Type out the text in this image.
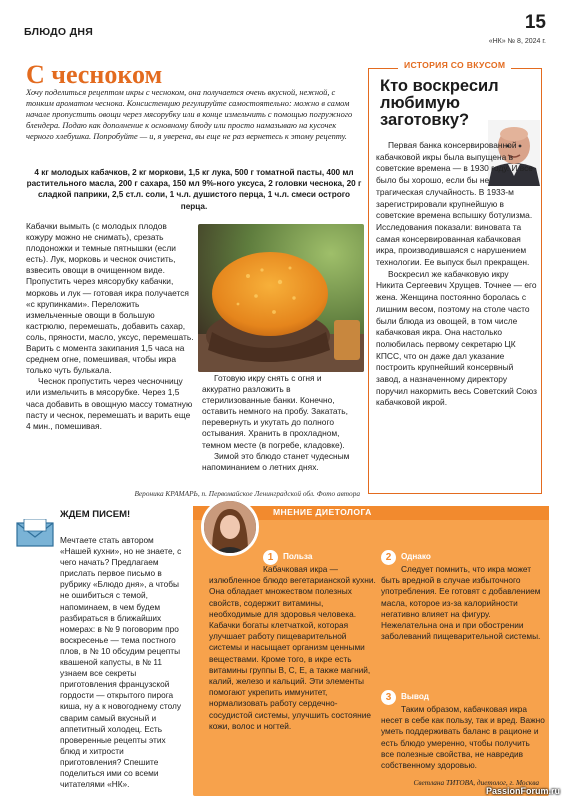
БЛЮДО ДНЯ	15
«НК» № 8, 2024 г.
С чесноком
Хочу поделиться рецептом икры с чесноком, она получается очень вкусной, нежной, с тонким ароматом чеснока. Консистенцию регулируйте самостоятельно: можно в самом начале пропустить овощи через мясорубку или в конце измельчить с помощью погружного блендера. Подаю как дополнение к основному блюду или просто намазываю на кусочек черного хлебушка. Попробуйте — и, я уверена, вы еще не раз вернетесь к этому рецепту.
4 кг молодых кабачков, 2 кг моркови, 1,5 кг лука, 500 г томатной пасты, 400 мл растительного масла, 200 г сахара, 150 мл 9%-ного уксуса, 2 головки чеснока, 20 г сладкой паприки, 2,5 ст.л. соли, 1 ч.л. душистого перца, 1 ч.л. смеси острого перца.

Кабачки вымыть (с молодых плодов кожуру можно не снимать), срезать плодоножки и темные пятнышки (если есть). Лук, морковь и чеснок очистить, взвесить овощи в очищенном виде. Пропустить через мясорубку кабачки, морковь и лук — готовая икра получается «с крупинками». Переложить измельченные овощи в большую кастрюлю, перемешать, добавить сахар, соль, пряности, масло, уксус, перемешать. Варить с момента закипания 1,5 часа на среднем огне, помешивая, чтобы икра только чуть булькала.

Чеснок пропустить через чесночницу или измельчить в мясорубке. Через 1,5 часа добавить в овощную массу томатную пасту и чеснок, перемешать и варить еще 4 мин., помешивая.

Готовую икру снять с огня и аккуратно разложить в стерилизованные банки. Конечно, оставить немного на пробу. Закатать, перевернуть и укутать до полного остывания. Хранить в прохладном, темном месте (в погребе, кладовке).

Зимой это блюдо станет чудесным напоминанием о летних днях.

Вероника КРАМАРЬ, п. Первомайское Ленинградской обл. Фото автора
ИСТОРИЯ СО ВКУСОМ
Кто воскресил любимую заготовку?

Первая банка консервированной кабачковой икры была выпущена в советские времена — в 1930 году. И все было бы хорошо, если бы не трагическая случайность. В 1933-м зарегистрировали крупнейшую в советские времена вспышку ботулизма. Исследования показали: виновата та самая консервированная кабачковая икра, производившаяся с нарушением технологии. Ее выпуск был прекращен.

Воскресил же кабачковую икру Никита Сергеевич Хрущев. Точнее — его жена. Женщина постоянно боролась с лишним весом, поэтому на столе часто были блюда из овощей, в том числе кабачковая икра. Она настолько полюбилась первому секретарю ЦК КПСС, что он даже дал указание построить крупнейший консервный завод, а назначенному директору поручил накормить весь Советский Союз кабачковой икрой.

ЖДЕМ ПИСЕМ!
Мечтаете стать автором «Нашей кухни», но не знаете, с чего начать? Предлагаем прислать первое письмо в рубрику «Блюдо дня», а чтобы не ошибиться с темой, напоминаем, в чем будем разбираться в ближайших номерах: в № 9 поговорим про воскресенье — тема постного плов, в № 10 обсудим рецепты квашеной капусты, в № 11 узнаем все секреты приготовления французской гордости — открытого пирога киша, ну а к новогоднему столу сварим самый вкусный и аппетитный холодец. Есть проверенные рецепты этих блюд и хитрости приготовления? Спешите поделиться ими со всеми читателями «НК».
МНЕНИЕ ДИЕТОЛОГА
1	Польза
Кабачковая икра — излюбленное блюдо вегетарианской кухни. Она обладает множеством полезных свойств, содержит витамины, необходимые для здоровья человека. Кабачки богаты клетчаткой, которая улучшает работу пищеварительной системы и насыщает организм ценными веществами. Кроме того, в икре есть витамины группы В, С, Е, а также магний, калий, железо и кальций. Эти элементы помогают укрепить иммунитет, нормализовать работу сердечно-сосудистой системы, улучшить состояние кожи, волос и ногтей.
2	Однако
Следует помнить, что икра может быть вредной в случае избыточного употребления. Ее готовят с добавлением масла, которое из-за калорийности негативно влияет на фигуру. Нежелательна она и при обострении заболеваний пищеварительной системы.
3	Вывод
Таким образом, кабачковая икра несет в себе как пользу, так и вред. Важно уметь поддерживать баланс в рационе и есть блюдо умеренно, чтобы получить все полезные свойства, не навредив собственному здоровью.
Светлана ТИТОВА, диетолог, г. Москва
PassionForum.ru
